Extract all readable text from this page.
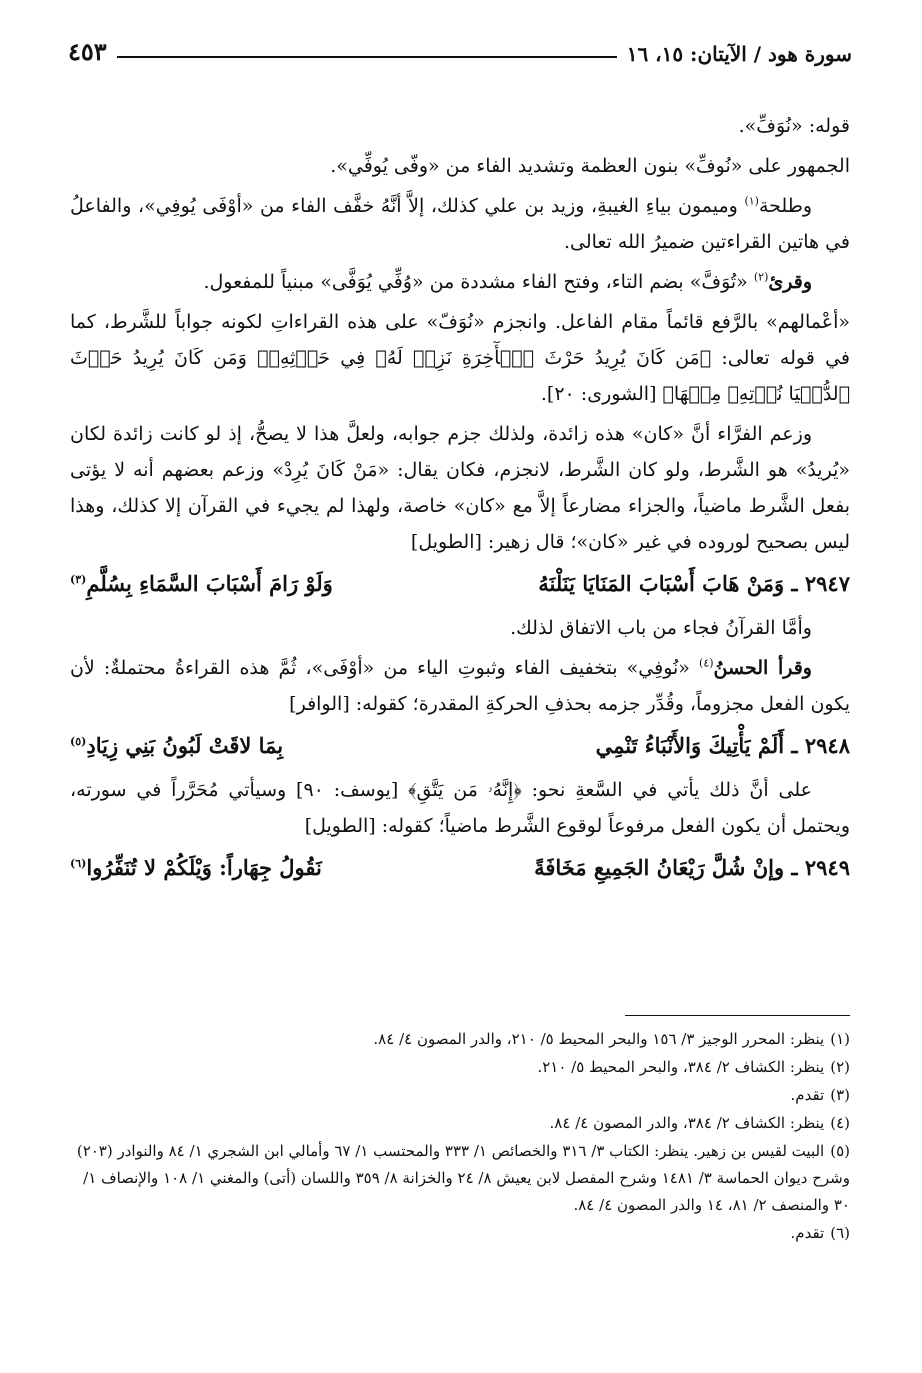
سورة هود / الآيتان: ١٥، ١٦
٤٥٣

قوله: «نُوَفِّ».

الجمهور على «نُوفِّ» بنون العظمة وتشديد الفاء من «وفّى يُوفِّي».

وطلحة$^{(١)}$ وميمون بياءِ الغيبةِ، وزيد بن علي كذلك، إلاَّ أنَّهُ خفَّف الفاء من «أوْفَى يُوفِي»، والفاعلُ في هاتين القراءتين ضميرُ الله تعالى.

وقرئ$^{(٢)}$ «تُوَفَّ» بضم التاء، وفتح الفاء مشددة من «وُفِّي يُوَفَّى» مبنياً للمفعول.

«أعْمالهم» بالرَّفع قائماً مقام الفاعل. وانجزم «نُوَفّ» على هذه القراءاتِ لكونه جواباً للشَّرط، كما في قوله تعالى: ﴿مَن كَانَ يُرِيدُ حَرْثَ ٱلۡأٓخِرَةِ نَزِدۡ لَهُۥ فِي حَرۡثِهِۦۖ وَمَن كَانَ يُرِيدُ حَرۡثَ ٱلدُّنۡيَا نُؤۡتِهِۦ مِنۡهَا﴾ [الشورى: ٢٠].

وزعم الفرَّاء أنَّ «كان» هذه زائدة، ولذلك جزم جوابه، ولعلَّ هذا لا يصحُّ، إذ لو كانت زائدة لكان «يُريدُ» هو الشَّرط، ولو كان الشَّرط، لانجزم، فكان يقال: «مَنْ كَانَ يُرِدْ» وزعم بعضهم أنه لا يؤتى بفعل الشَّرط ماضياً، والجزاء مضارعاً إلاَّ مع «كان» خاصة، ولهذا لم يجيء في القرآن إلا كذلك، وهذا ليس بصحيح لوروده في غير «كان»؛ قال زهير: [الطويل]

٢٩٤٧ ـ وَمَنْ هَابَ أَسْبَابَ المَنَايَا يَنَلْنَهُ
وَلَوْ رَامَ أَسْبَابَ السَّمَاءِ بِسُلَّمِ$^{(٣)}$

وأمَّا القرآنُ فجاء من باب الاتفاق لذلك.

وقرأ الحسنُ$^{(٤)}$ «نُوفِي» بتخفيف الفاء وثبوتِ الياء من «أوْفَى»، ثُمَّ هذه القراءةُ محتملةٌ: لأن يكون الفعل مجزوماً، وقُدِّر جزمه بحذفِ الحركةِ المقدرة؛ كقوله: [الوافر]

٢٩٤٨ ـ أَلَمْ يَأْتِيكَ وَالأَنْبَاءُ تَنْمِي
بِمَا لاقَتْ لَبُونُ بَنِي زِيَادِ$^{(٥)}$

على أنَّ ذلك يأتي في السَّعةِ نحو: ﴿إِنَّهُۥ مَن يَتَّقِ﴾ [يوسف: ٩٠] وسيأتي مُحَرَّراً في سورته، ويحتمل أن يكون الفعل مرفوعاً لوقوع الشَّرط ماضياً؛ كقوله: [الطويل]

٢٩٤٩ ـ وإنْ شُلَّ رَيْعَانُ الجَمِيعِ مَخَافَةً
نَقُولُ جِهَاراً: وَيْلَكُمْ لا تُنَفِّرُوا$^{(٦)}$
(١)ينظر: المحرر الوجيز ٣/ ١٥٦ والبحر المحيط ٥/ ٢١٠، والدر المصون ٤/ ٨٤.
(٢)ينظر: الكشاف ٢/ ٣٨٤، والبحر المحيط ٥/ ٢١٠.
(٣)تقدم.
(٤)ينظر: الكشاف ٢/ ٣٨٤، والدر المصون ٤/ ٨٤.
(٥)البيت لقيس بن زهير. ينظر: الكتاب ٣/ ٣١٦ والخصائص ١/ ٣٣٣ والمحتسب ١/ ٦٧ وأمالي ابن الشجري ١/ ٨٤ والنوادر (٢٠٣) وشرح ديوان الحماسة ٣/ ١٤٨١ وشرح المفصل لابن يعيش ٨/ ٢٤ والخزانة ٨/ ٣٥٩ واللسان (أتى) والمغني ١/ ١٠٨ والإنصاف ١/ ٣٠ والمنصف ٢/ ٨١، ١٤ والدر المصون ٤/ ٨٤.
(٦)تقدم.
